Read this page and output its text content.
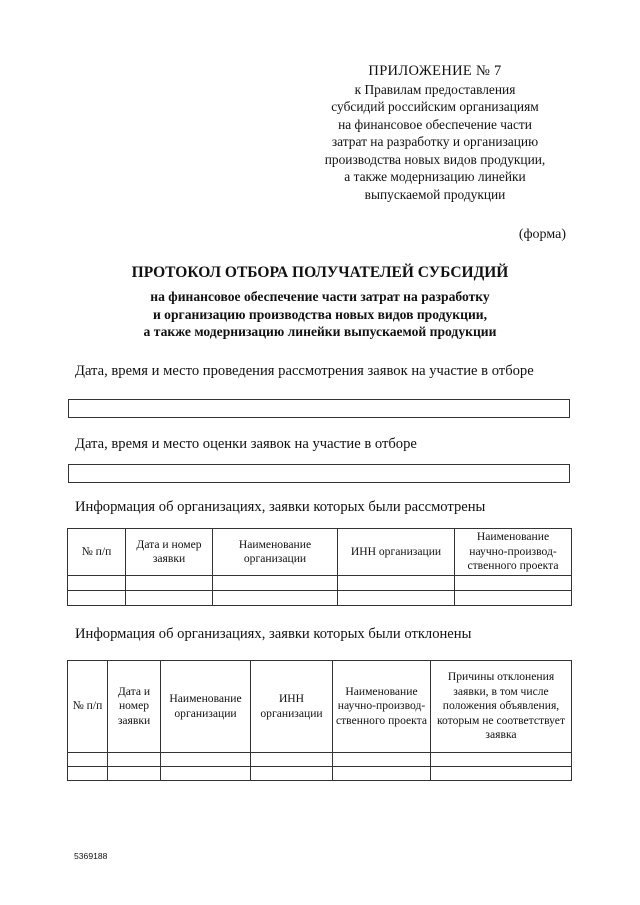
ПРИЛОЖЕНИЕ № 7
к Правилам предоставления
субсидий российским организациям
на финансовое обеспечение части
затрат на разработку и организацию
производства новых видов продукции,
а также модернизацию линейки
выпускаемой продукции
(форма)
ПРОТОКОЛ ОТБОРА ПОЛУЧАТЕЛЕЙ СУБСИДИЙ
на финансовое обеспечение части затрат на разработку
и организацию производства новых видов продукции,
а также модернизацию линейки выпускаемой продукции
Дата, время и место проведения рассмотрения заявок на участие в отборе
Дата, время и место оценки заявок на участие в отборе
Информация об организациях, заявки которых были рассмотрены
№ п/п	Дата и номер заявки	Наименование организации	ИНН организации	Наименование научно-производ-ственного проекта

Информация об организациях, заявки которых были отклонены
№ п/п	Дата и номер заявки	Наименование организации	ИНН организации	Наименование научно-производ-ственного проекта	Причины отклонения заявки, в том числе положения объявления, которым не соответствует заявка

5369188
